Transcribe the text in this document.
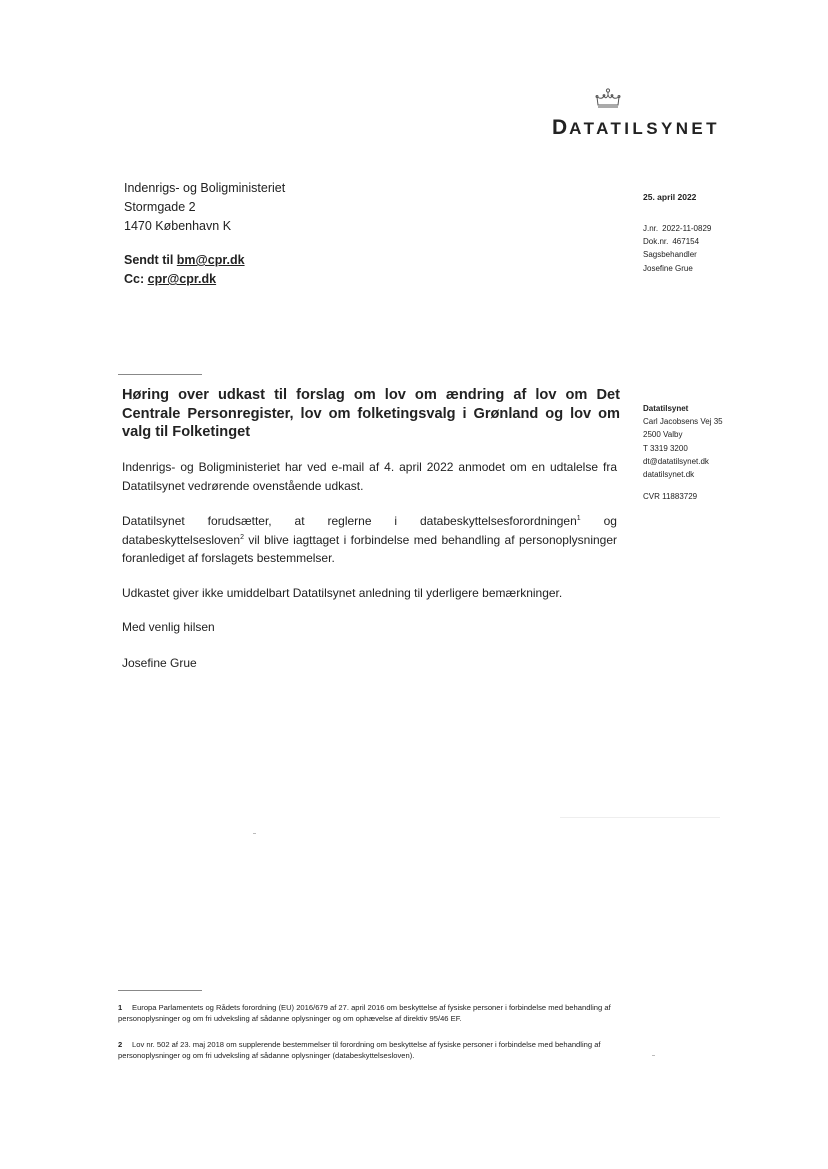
DATATILSYNET
Indenrigs- og Boligministeriet
Stormgade 2
1470 København K
Sendt til bm@cpr.dk
Cc: cpr@cpr.dk
25. april 2022
J.nr. 2022-11-0829
Dok.nr. 467154
Sagsbehandler
Josefine Grue
Høring over udkast til forslag om lov om ændring af lov om Det Centrale Personregister, lov om folketingsvalg i Grønland og lov om valg til Folketinget
Datatilsynet
Carl Jacobsens Vej 35
2500 Valby
T 3319 3200
dt@datatilsynet.dk
datatilsynet.dk
CVR 11883729
Indenrigs- og Boligministeriet har ved e-mail af 4. april 2022 anmodet om en udtalelse fra Datatilsynet vedrørende ovenstående udkast.
Datatilsynet forudsætter, at reglerne i databeskyttelsesforordningen$^1$ og
databeskyttelsesloven$^2$ vil blive iagttaget i forbindelse med behandling af personoplysninger foranlediget af forslagets bestemmelser.
Udkastet giver ikke umiddelbart Datatilsynet anledning til yderligere bemærkninger.
Med venlig hilsen
Josefine Grue
1 Europa Parlamentets og Rådets forordning (EU) 2016/679 af 27. april 2016 om beskyttelse af fysiske personer i forbindelse med behandling af personoplysninger og om fri udveksling af sådanne oplysninger og om ophævelse af direktiv 95/46 EF.
2 Lov nr. 502 af 23. maj 2018 om supplerende bestemmelser til forordning om beskyttelse af fysiske personer i forbindelse med behandling af personoplysninger og om fri udveksling af sådanne oplysninger (databeskyttelsesloven).
